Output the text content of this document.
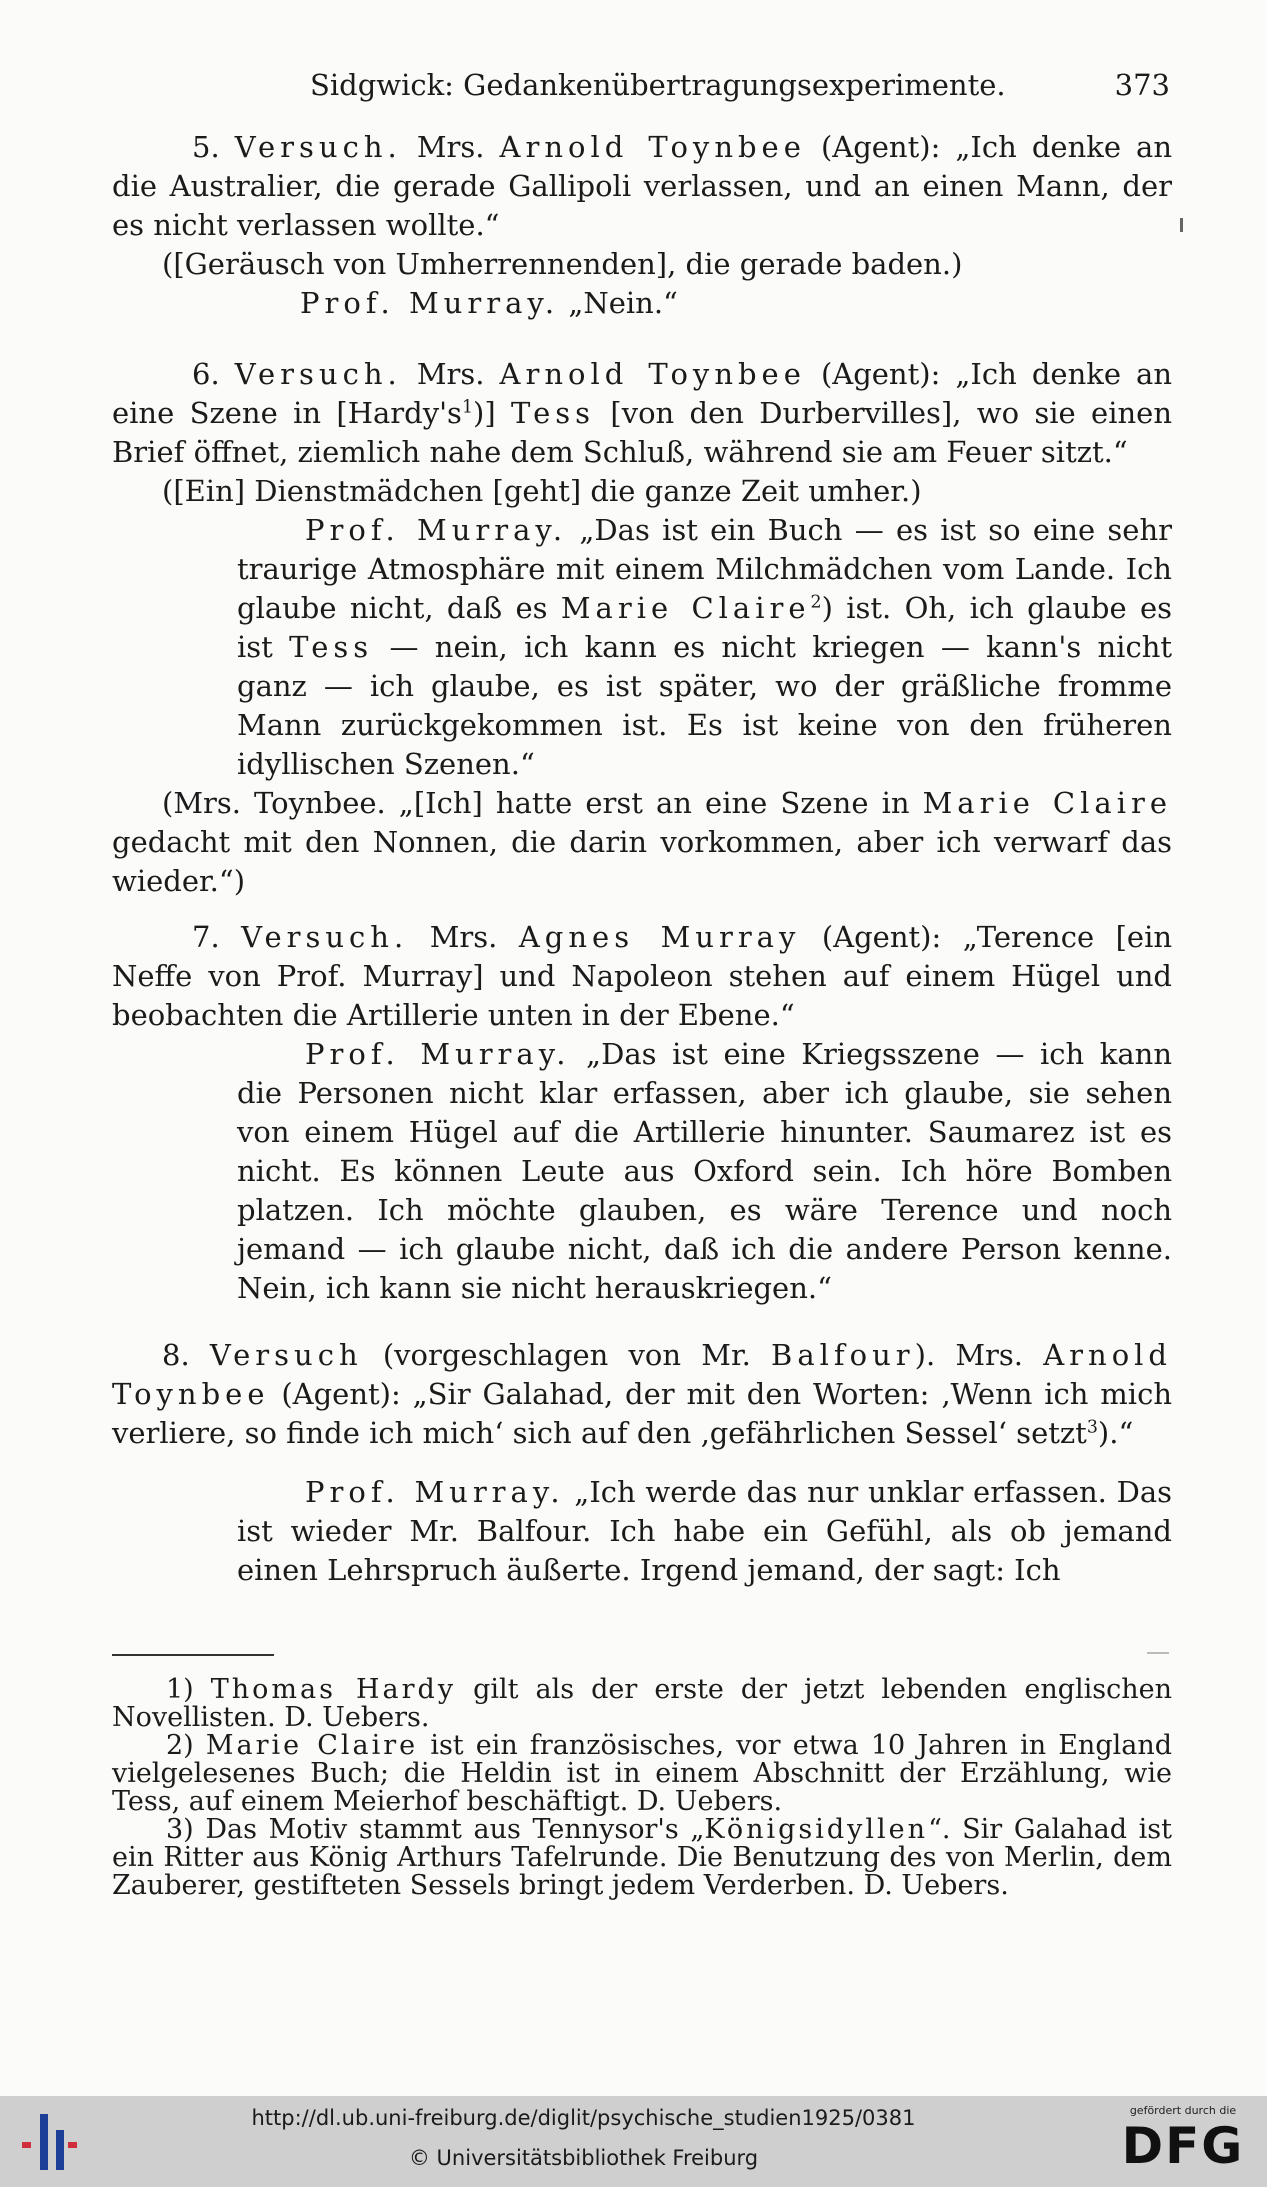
Sidgwick: Gedankenübertragungsexperimente.	373

5. Versuch. Mrs. Arnold Toynbee (Agent): „Ich denke an die Australier, die gerade Gallipoli verlassen, und an einen Mann, der es nicht verlassen wollte.“

([Geräusch von Umherrennenden], die gerade baden.)

Prof. Murray. „Nein.“

6. Versuch. Mrs. Arnold Toynbee (Agent): „Ich denke an eine Szene in $[Hardy's^1)$] Tess [von den Durbervilles], wo sie einen Brief öffnet, ziemlich nahe dem Schluß, während sie am Feuer sitzt.“

([Ein] Dienstmädchen [geht] die ganze Zeit umher.)

Prof. Murray. „Das ist ein Buch — es ist so eine sehr traurige Atmosphäre mit einem Milchmädchen vom Lande. Ich glaube nicht, daß es Marie Claire$^2$) ist. Oh, ich glaube es ist Tess — nein, ich kann es nicht kriegen — kann's nicht ganz — ich glaube, es ist später, wo der gräßliche fromme Mann zurückgekommen ist. Es ist keine von den früheren idyllischen Szenen.“

(Mrs. Toynbee. „[Ich] hatte erst an eine Szene in Marie Claire gedacht mit den Nonnen, die darin vorkommen, aber ich verwarf das wieder.“)

7. Versuch. Mrs. Agnes Murray (Agent): „Terence [ein Neffe von Prof. Murray] und Napoleon stehen auf einem Hügel und beobachten die Artillerie unten in der Ebene.“

Prof. Murray. „Das ist eine Kriegsszene — ich kann die Personen nicht klar erfassen, aber ich glaube, sie sehen von einem Hügel auf die Artillerie hinunter. Saumarez ist es nicht. Es können Leute aus Oxford sein. Ich höre Bomben platzen. Ich möchte glauben, es wäre Terence und noch jemand — ich glaube nicht, daß ich die andere Person kenne. Nein, ich kann sie nicht herauskriegen.“

8. Versuch (vorgeschlagen von Mr. Balfour). Mrs. Arnold Toynbee (Agent): „Sir Galahad, der mit den Worten: ‚Wenn ich mich verliere, so finde ich mich‘ sich auf den ‚gefährlichen Sessel‘ setzt$^3$).“

Prof. Murray. „Ich werde das nur unklar erfassen. Das ist wieder Mr. Balfour. Ich habe ein Gefühl, als ob jemand einen Lehrspruch äußerte. Irgend jemand, der sagt: Ich

1) Thomas Hardy gilt als der erste der jetzt lebenden englischen Novellisten. D. Uebers.

2) Marie Claire ist ein französisches, vor etwa 10 Jahren in England vielgelesenes Buch; die Heldin ist in einem Abschnitt der Erzählung, wie Tess, auf einem Meierhof beschäftigt. D. Uebers.

3) Das Motiv stammt aus Tennysor's „Königsidyllen“. Sir Galahad ist ein Ritter aus König Arthurs Tafelrunde. Die Benutzung des von Merlin, dem Zauberer, gestifteten Sessels bringt jedem Verderben. D. Uebers.

http://dl.ub.uni-freiburg.de/diglit/psychische_studien1925/0381
© Universitätsbibliothek Freiburg
gefördert durch die
DFG
